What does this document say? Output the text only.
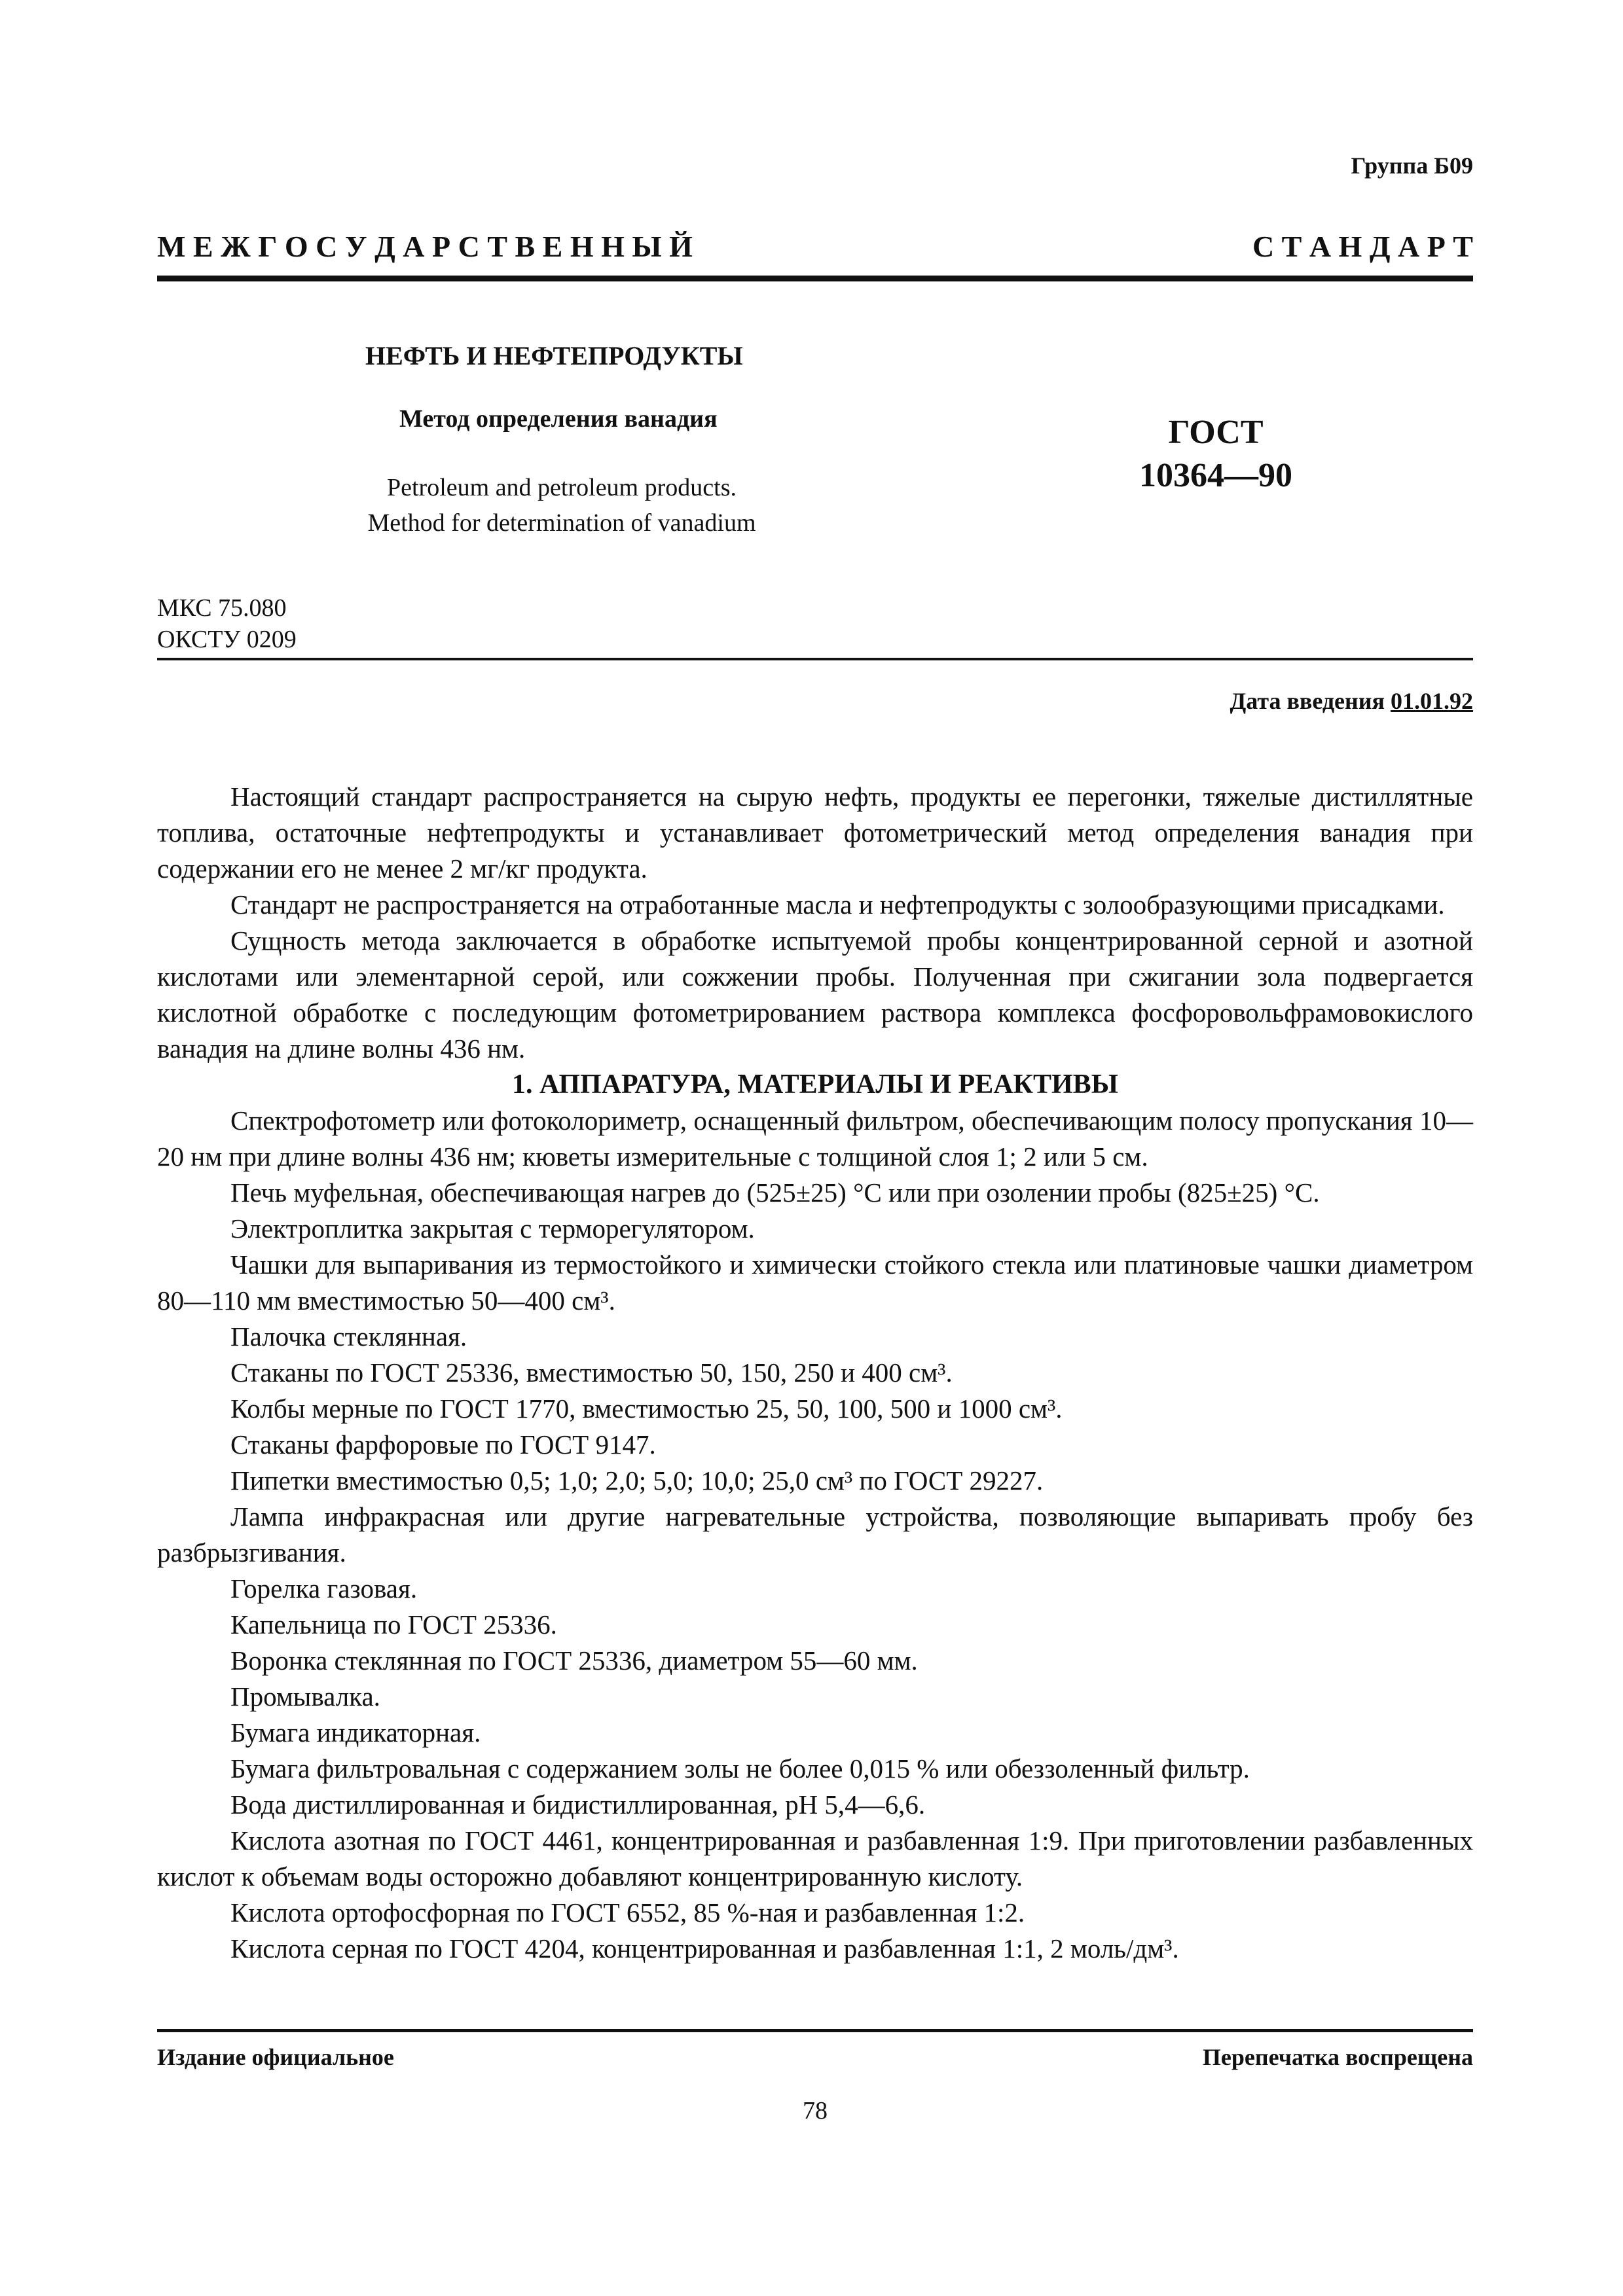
Группа Б09
М Е Ж Г О С У Д А Р С Т В Е Н Н Ы Й	С Т А Н Д А Р Т
НЕФТЬ И НЕФТЕПРОДУКТЫ
Метод определения ванадия
Petroleum and petroleum products.
Method for determination of vanadium
ГОСТ
10364—90
МКС 75.080
ОКСТУ 0209
Дата введения 01.01.92

Настоящий стандарт распространяется на сырую нефть, продукты ее перегонки, тяжелые дистиллятные топлива, остаточные нефтепродукты и устанавливает фотометрический метод определения ванадия при содержании его не менее 2 мг/кг продукта.

Стандарт не распространяется на отработанные масла и нефтепродукты с золообразующими присадками.

Сущность метода заключается в обработке испытуемой пробы концентрированной серной и азотной кислотами или элементарной серой, или сожжении пробы. Полученная при сжигании зола подвергается кислотной обработке с последующим фотометрированием раствора комплекса фосфоровольфрамовокислого ванадия на длине волны 436 нм.

1. АППАРАТУРА, МАТЕРИАЛЫ И РЕАКТИВЫ

Спектрофотометр или фотоколориметр, оснащенный фильтром, обеспечивающим полосу пропускания 10—20 нм при длине волны 436 нм; кюветы измерительные с толщиной слоя 1; 2 или 5 см.

Печь муфельная, обеспечивающая нагрев до (525±25) °С или при озолении пробы (825±25) °С.

Электроплитка закрытая с терморегулятором.

Чашки для выпаривания из термостойкого и химически стойкого стекла или платиновые чашки диаметром 80—110 мм вместимостью 50—400 см³.

Палочка стеклянная.

Стаканы по ГОСТ 25336, вместимостью 50, 150, 250 и 400 см³.

Колбы мерные по ГОСТ 1770, вместимостью 25, 50, 100, 500 и 1000 см³.

Стаканы фарфоровые по ГОСТ 9147.

Пипетки вместимостью 0,5; 1,0; 2,0; 5,0; 10,0; 25,0 см³ по ГОСТ 29227.

Лампа инфракрасная или другие нагревательные устройства, позволяющие выпаривать пробу без разбрызгивания.

Горелка газовая.

Капельница по ГОСТ 25336.

Воронка стеклянная по ГОСТ 25336, диаметром 55—60 мм.

Промывалка.

Бумага индикаторная.

Бумага фильтровальная с содержанием золы не более 0,015 % или обеззоленный фильтр.

Вода дистиллированная и бидистиллированная, рН 5,4—6,6.

Кислота азотная по ГОСТ 4461, концентрированная и разбавленная 1:9. При приготовлении разбавленных кислот к объемам воды осторожно добавляют концентрированную кислоту.

Кислота ортофосфорная по ГОСТ 6552, 85 %-ная и разбавленная 1:2.

Кислота серная по ГОСТ 4204, концентрированная и разбавленная 1:1, 2 моль/дм³.

Издание официальное	Перепечатка воспрещена
78
